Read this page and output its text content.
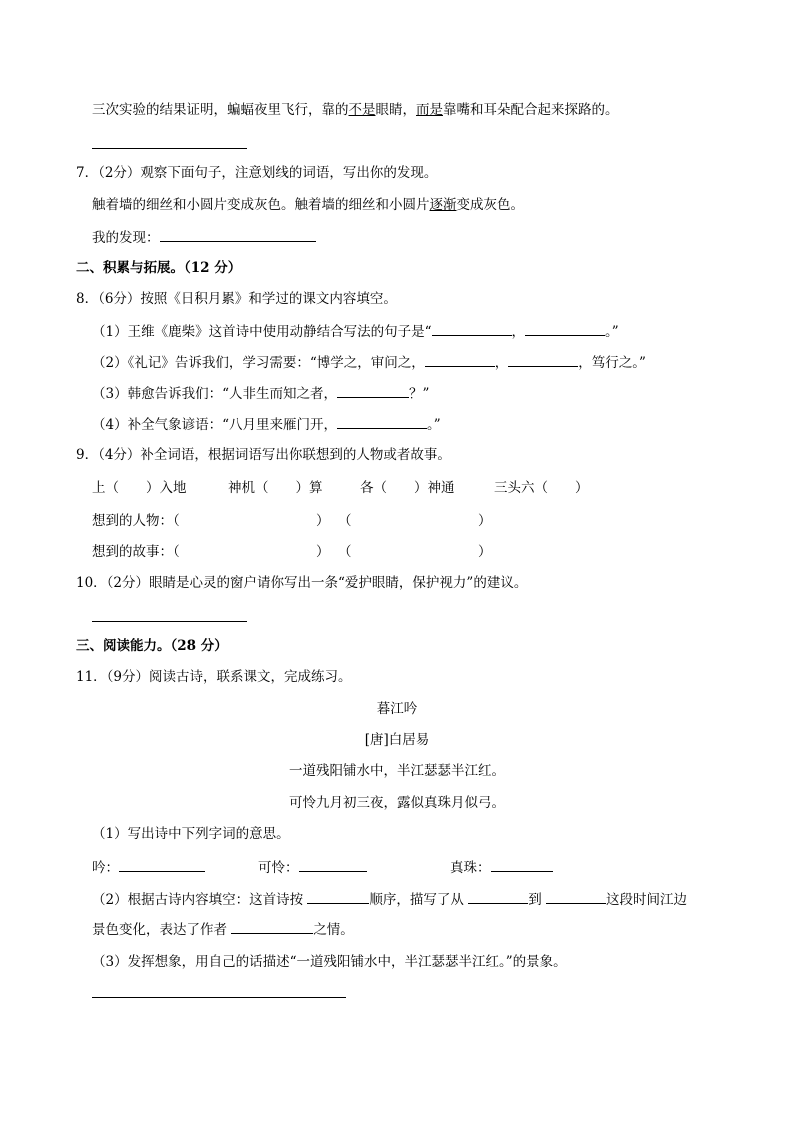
三次实验的结果证明，蝙蝠夜里飞行，靠的不是眼睛，而是靠嘴和耳朵配合起来探路的。
7．（2分）观察下面句子，注意划线的词语，写出你的发现。
触着墙的细丝和小圆片变成灰色。触着墙的细丝和小圆片逐渐变成灰色。
我的发现：
二、积累与拓展。（12 分）
8．（6分）按照《日积月累》和学过的课文内容填空。
（1）王维《鹿柴》这首诗中使用动静结合写法的句子是“	，	。”
（2）《礼记》告诉我们，学习需要：“博学之，审问之，	，	，笃行之。”
（3）韩愈告诉我们：“人非生而知之者，	？”
（4）补全气象谚语：“八月里来雁门开，	。”
9．（4分）补全词语，根据词语写出你联想到的人物或者故事。
上（　　）入地	神机（　　）算	各（　　）神通	三头六（　　）
想到的人物：（	） （	）
想到的故事：（	） （	）
10．（2分）眼睛是心灵的窗户请你写出一条“爱护眼睛，保护视力”的建议。
三、阅读能力。（28 分）
11．（9分）阅读古诗，联系课文，完成练习。
暮江吟
[唐]白居易
一道残阳铺水中，半江瑟瑟半江红。
可怜九月初三夜，露似真珠月似弓。
（1）写出诗中下列字词的意思。
吟：	可怜：	真珠：
（2）根据古诗内容填空：这首诗按	顺序，描写了从	到	这段时间江边
景色变化，表达了作者	之情。
（3）发挥想象，用自己的话描述“一道残阳铺水中，半江瑟瑟半江红。”的景象。
